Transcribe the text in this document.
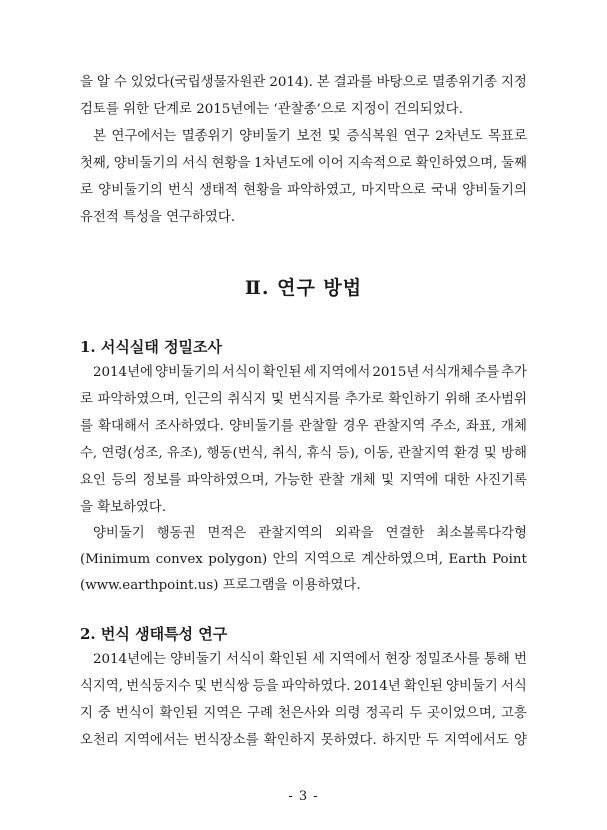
을 알 수 있었다(국립생물자원관 2014). 본 결과를 바탕으로 멸종위기종 지정
검토를 위한 단계로 2015년에는 ‘관찰종’으로 지정이 건의되었다.
본 연구에서는 멸종위기 양비둘기 보전 및 증식복원 연구 2차년도 목표로
첫째, 양비둘기의 서식 현황을 1차년도에 이어 지속적으로 확인하였으며, 둘째
로 양비둘기의 번식 생태적 현황을 파악하였고, 마지막으로 국내 양비둘기의
유전적 특성을 연구하였다.
Ⅱ. 연구 방법
1. 서식실태 정밀조사
2014년에 양비둘기의 서식이 확인된 세 지역에서 2015년 서식개체수를 추가
로 파악하였으며, 인근의 취식지 및 번식지를 추가로 확인하기 위해 조사범위
를 확대해서 조사하였다. 양비둘기를 관찰할 경우 관찰지역 주소, 좌표, 개체
수, 연령(성조, 유조), 행동(번식, 취식, 휴식 등), 이동, 관찰지역 환경 및 방해
요인 등의 정보를 파악하였으며, 가능한 관찰 개체 및 지역에 대한 사진기록
을 확보하였다.
양비둘기 행동권 면적은 관찰지역의 외곽을 연결한 최소볼록다각형
(Minimum convex polygon) 안의 지역으로 계산하였으며, Earth Point
(www.earthpoint.us) 프로그램을 이용하였다.
2. 번식 생태특성 연구
2014년에는 양비둘기 서식이 확인된 세 지역에서 현장 정밀조사를 통해 번
식지역, 번식둥지수 및 번식쌍 등을 파악하였다. 2014년 확인된 양비둘기 서식
지 중 번식이 확인된 지역은 구례 천은사와 의령 정곡리 두 곳이었으며, 고흥
오천리 지역에서는 번식장소를 확인하지 못하였다. 하지만 두 지역에서도 양
- 3 -
